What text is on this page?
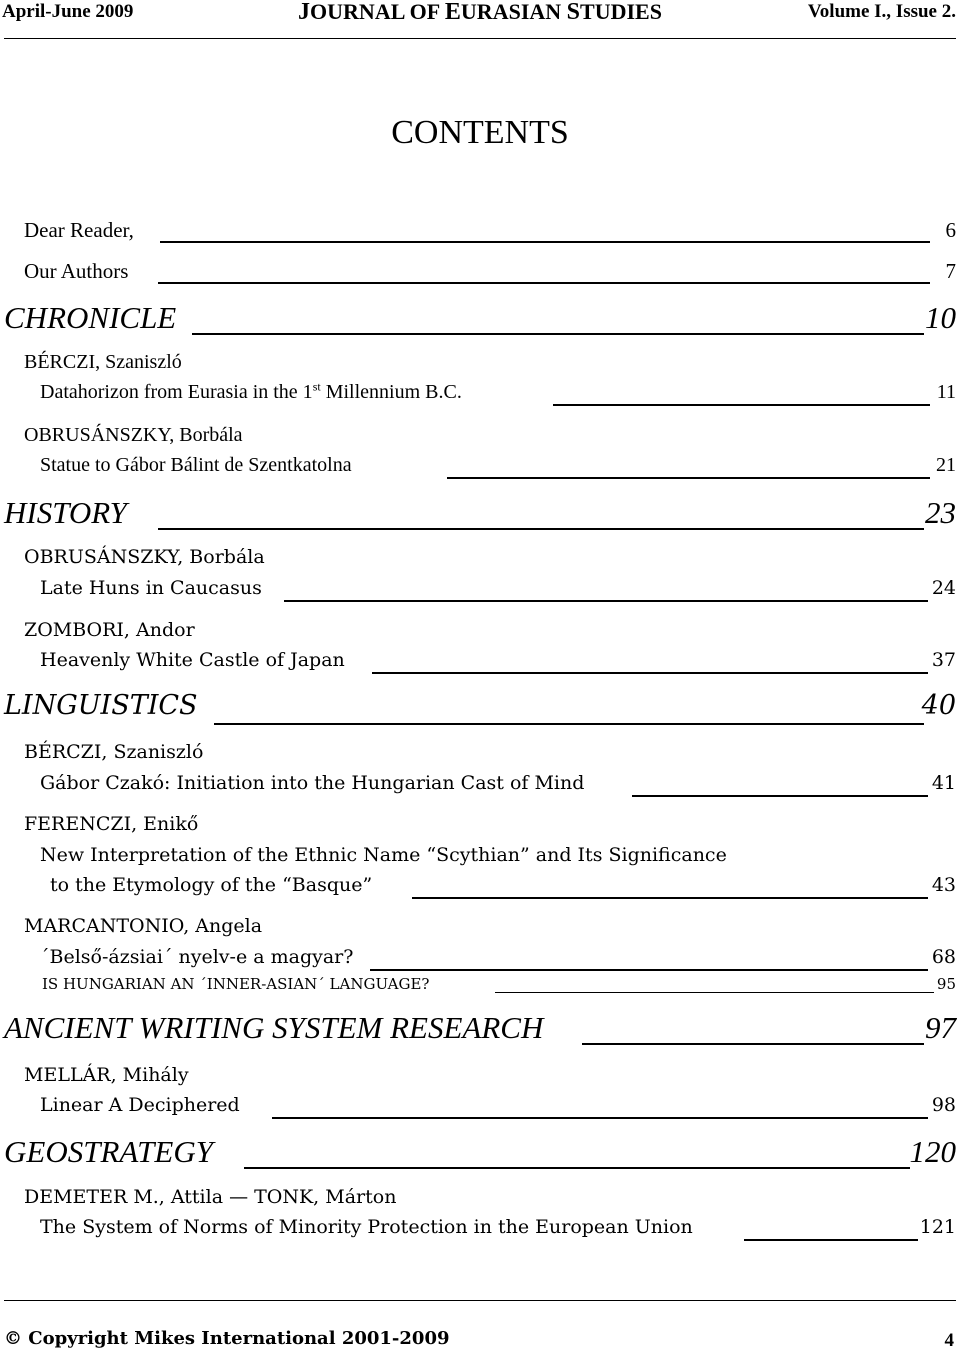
April-June 2009	JOURNAL OF EURASIAN STUDIES	Volume I., Issue 2.
CONTENTS
Dear Reader,	6
Our Authors	7
CHRONICLE	10
BÉRCZI, Szaniszló
Datahorizon from Eurasia in the 1st Millennium B.C.	11
OBRUSÁNSZKY, Borbála
Statue to Gábor Bálint de Szentkatolna	21
HISTORY	23
OBRUSÁNSZKY, Borbála
Late Huns in Caucasus	24
ZOMBORI, Andor
Heavenly White Castle of Japan	37
LINGUISTICS	40
BÉRCZI, Szaniszló
Gábor Czakó: Initiation into the Hungarian Cast of Mind	41
FERENCZI, Enikő
New Interpretation of the Ethnic Name “Scythian” and Its Significance
to the Etymology of the “Basque”	43
MARCANTONIO, Angela
´Belső-ázsiai´ nyelv-e a magyar?	68
IS HUNGARIAN AN ´INNER-ASIAN´ LANGUAGE?	95
ANCIENT WRITING SYSTEM RESEARCH	97
MELLÁR, Mihály
Linear A Deciphered	98
GEOSTRATEGY	120
DEMETER M., Attila — TONK, Márton
The System of Norms of Minority Protection in the European Union	121
© Copyright Mikes International 2001-2009	4
